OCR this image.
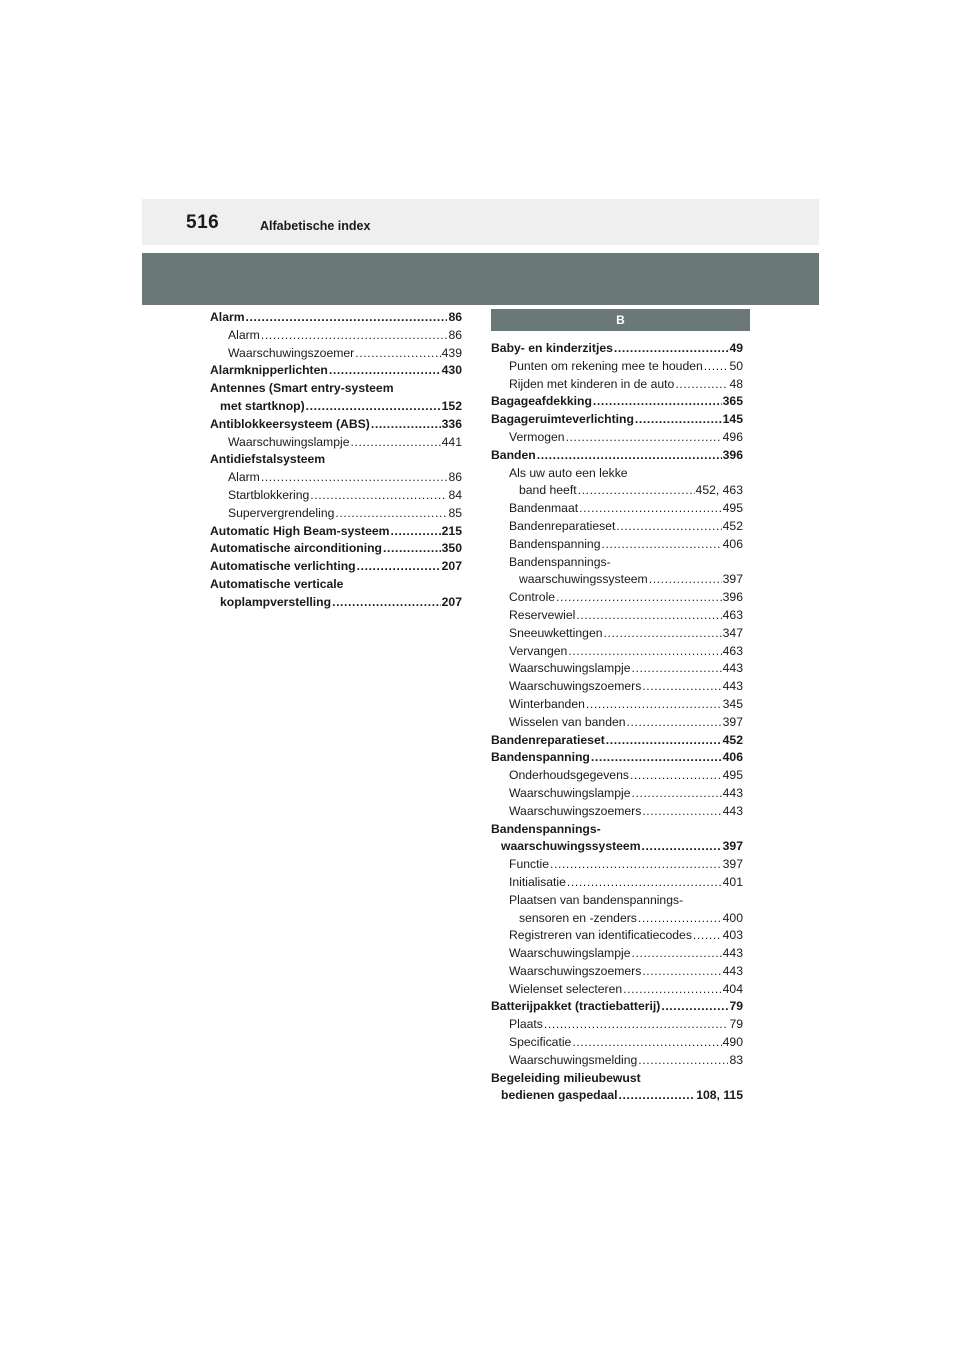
516	Alfabetische index
Alarm .....	86
Alarm .....	86
Waarschuwingszoemer .....	439
Alarmknipperlichten .....	430
Antennes (Smart entry-systeem
met startknop) .....	152
Antiblokkeersysteem (ABS) .....	336
Waarschuwingslampje .....	441
Antidiefstalsysteem
Alarm .....	86
Startblokkering .....	84
Supervergrendeling .....	85
Automatic High Beam-systeem .....	215
Automatische airconditioning .....	350
Automatische verlichting .....	207
Automatische verticale
koplampverstelling .....	207
B
Baby- en kinderzitjes .....	49
Punten om rekening mee te houden ..... 50
Rijden met kinderen in de auto .....	48
Bagageafdekking .....	365
Bagageruimteverlichting .....	145
Vermogen .....	496
Banden .....	396
Als uw auto een lekke
band heeft .....	452, 463
Bandenmaat .....	495
Bandenreparatieset .....	452
Bandenspanning .....	406
Bandenspannings-
waarschuwingssysteem .....	397
Controle .....	396
Reservewiel .....	463
Sneeuwkettingen .....	347
Vervangen .....	463
Waarschuwingslampje .....	443
Waarschuwingszoemers .....	443
Winterbanden .....	345
Wisselen van banden .....	397
Bandenreparatieset .....	452
Bandenspanning .....	406
Onderhoudsgegevens .....	495
Waarschuwingslampje .....	443
Waarschuwingszoemers .....	443
Bandenspannings-
waarschuwingssysteem .....	397
Functie .....	397
Initialisatie .....	401
Plaatsen van bandenspannings-
sensoren en -zenders .....	400
Registreren van identificatiecodes .....	403
Waarschuwingslampje .....	443
Waarschuwingszoemers .....	443
Wielenset selecteren .....	404
Batterijpakket (tractiebatterij) .....	79
Plaats .....	79
Specificatie .....	490
Waarschuwingsmelding .....	83
Begeleiding milieubewust
bedienen gaspedaal .....	108, 115
